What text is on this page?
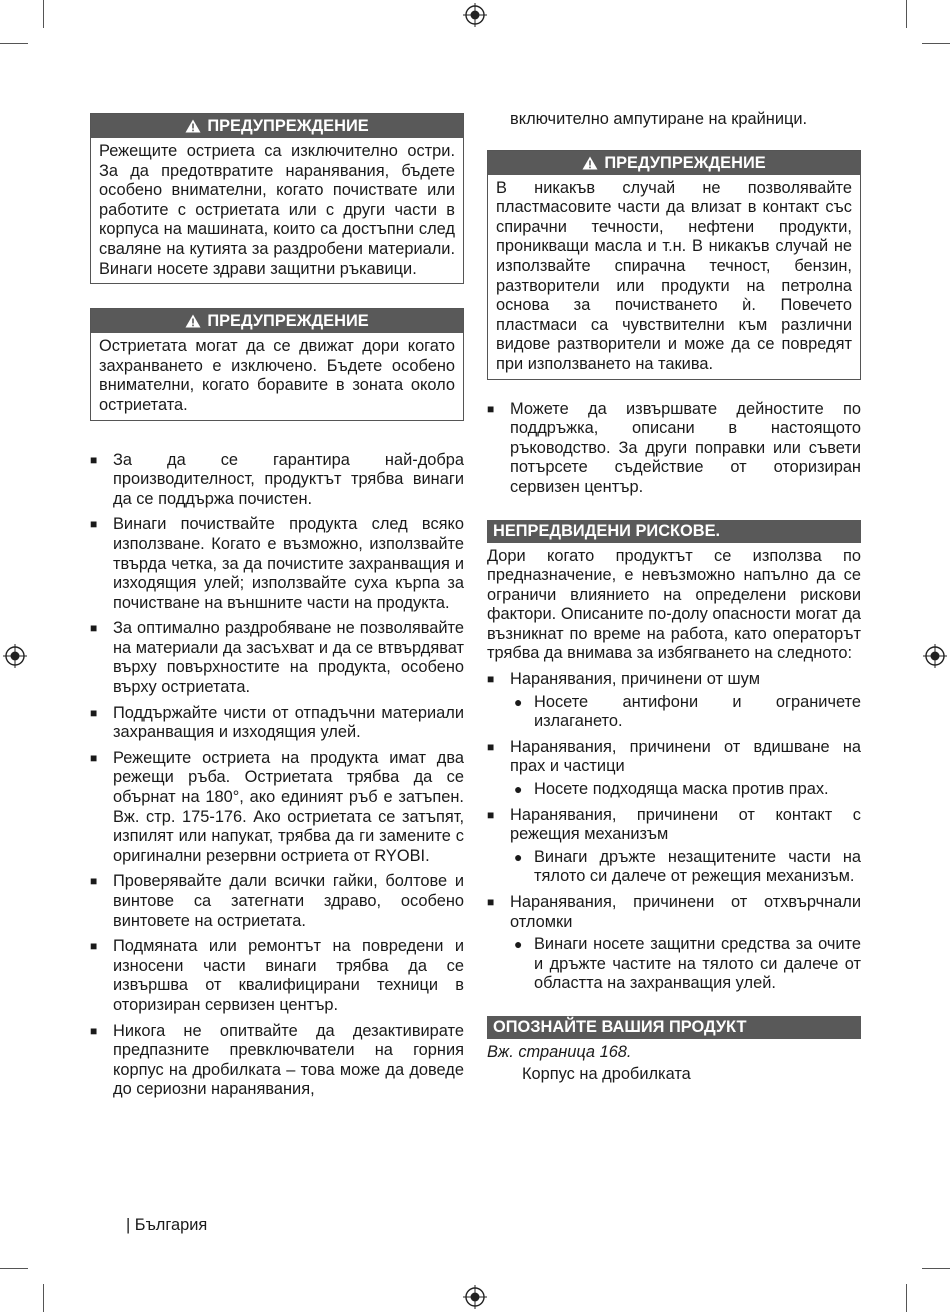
ПРЕДУПРЕЖДЕНИЕ
Режещите остриета са изключително остри. За да предотвратите наранявания, бъдете особено внимателни, когато почиствате или работите с остриетата или с други части в корпуса на машината, които са достъпни след сваляне на кутията за раздробени материали. Винаги носете здрави защитни ръкавици.
ПРЕДУПРЕЖДЕНИЕ
Остриетата могат да се движат дори когато захранването е изключено. Бъдете особено внимателни, когато боравите в зоната около остриетата.
■ За да се гарантира най-добра производителност, продуктът трябва винаги да се поддържа почистен.
■ Винаги почиствайте продукта след всяко използване. Когато е възможно, използвайте твърда четка, за да почистите захранващия и изходящия улей; използвайте суха кърпа за почистване на външните части на продукта.
■ За оптимално раздробяване не позволявайте на материали да засъхват и да се втвърдяват върху повърхностите на продукта, особено върху остриетата.
■ Поддържайте чисти от отпадъчни материали захранващия и изходящия улей.
■ Режещите остриета на продукта имат два режещи ръба. Остриетата трябва да се обърнат на 180°, ако единият ръб е затъпен. Вж. стр. 175-176. Ако остриетата се затъпят, изпилят или напукат, трябва да ги замените с оригинални резервни остриета от RYOBI.
■ Проверявайте дали всички гайки, болтове и винтове са затегнати здраво, особено винтовете на остриетата.
■ Подмяната или ремонтът на повредени и износени части винаги трябва да се извършва от квалифицирани техници в оторизиран сервизен център.
■ Никога не опитвайте да дезактивирате предпазните превключватели на горния корпус на дробилката – това може да доведе до сериозни наранявания,
включително ампутиране на крайници.
ПРЕДУПРЕЖДЕНИЕ
В никакъв случай не позволявайте пластмасовите части да влизат в контакт със спирачни течности, нефтени продукти, проникващи масла и т.н. В никакъв случай не използвайте спирачна течност, бензин, разтворители или продукти на петролна основа за почистването ѝ. Повечето пластмаси са чувствителни към различни видове разтворители и може да се повредят при използването на такива.
■ Можете да извършвате дейностите по поддръжка, описани в настоящото ръководство. За други поправки или съвети потърсете съдействие от оторизиран сервизен център.
НЕПРЕДВИДЕНИ РИСКОВЕ.
Дори когато продуктът се използва по предназначение, е невъзможно напълно да се ограничи влиянието на определени рискови фактори. Описаните по-долу опасности могат да възникнат по време на работа, като операторът трябва да внимава за избягването на следното:
■ Наранявания, причинени от шум
● Носете антифони и ограничете излагането.
■ Наранявания, причинени от вдишване на прах и частици
● Носете подходяща маска против прах.
■ Наранявания, причинени от контакт с режещия механизъм
● Винаги дръжте незащитените части на тялото си далече от режещия механизъм.
■ Наранявания, причинени от отхвърчнали отломки
● Винаги носете защитни средства за очите и дръжте частите на тялото си далече от областта на захранващия улей.
ОПОЗНАЙТЕ ВАШИЯ ПРОДУКТ
Вж. страница 168.
Корпус на дробилката
| България
